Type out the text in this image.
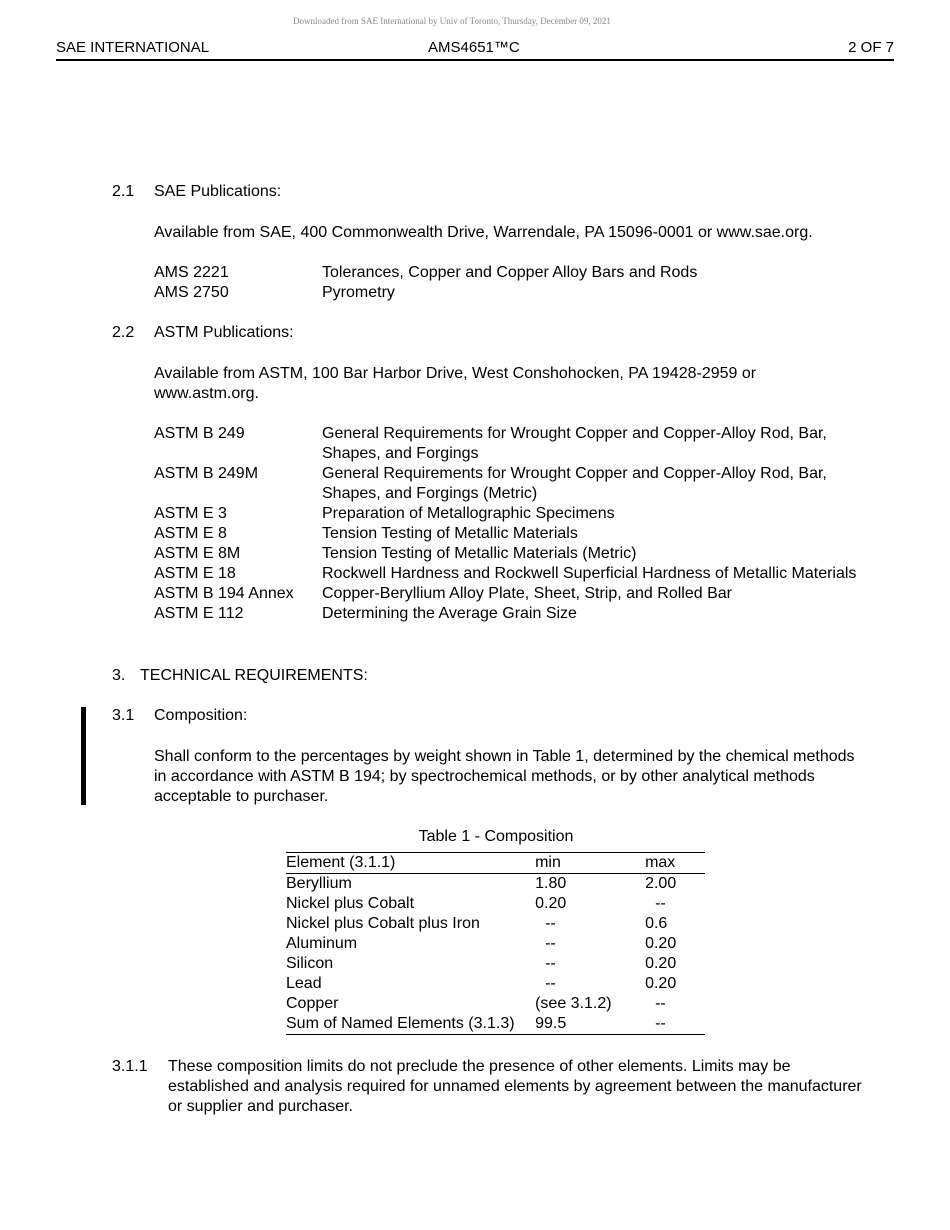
Downloaded from SAE International by Univ of Toronto, Thursday, December 09, 2021
SAE INTERNATIONAL	AMS4651™C	2 OF 7
2.1 SAE Publications:
Available from SAE, 400 Commonwealth Drive, Warrendale, PA 15096-0001 or www.sae.org.
AMS 2221	Tolerances, Copper and Copper Alloy Bars and Rods
AMS 2750	Pyrometry
2.2 ASTM Publications:
Available from ASTM, 100 Bar Harbor Drive, West Conshohocken, PA 19428-2959 or www.astm.org.
ASTM B 249	General Requirements for Wrought Copper and Copper-Alloy Rod, Bar, Shapes, and Forgings
ASTM B 249M	General Requirements for Wrought Copper and Copper-Alloy Rod, Bar, Shapes, and Forgings (Metric)
ASTM E 3	Preparation of Metallographic Specimens
ASTM E 8	Tension Testing of Metallic Materials
ASTM E 8M	Tension Testing of Metallic Materials (Metric)
ASTM E 18	Rockwell Hardness and Rockwell Superficial Hardness of Metallic Materials
ASTM B 194 Annex	Copper-Beryllium Alloy Plate, Sheet, Strip, and Rolled Bar
ASTM E 112	Determining the Average Grain Size
3. TECHNICAL REQUIREMENTS:
3.1 Composition:
Shall conform to the percentages by weight shown in Table 1, determined by the chemical methods in accordance with ASTM B 194; by spectrochemical methods, or by other analytical methods acceptable to purchaser.
Table 1 - Composition
Element (3.1.1)	min	max
Beryllium	1.80	2.00
Nickel plus Cobalt	0.20	--
Nickel plus Cobalt plus Iron	--	0.6
Aluminum	--	0.20
Silicon	--	0.20
Lead	--	0.20
Copper	(see 3.1.2)	--
Sum of Named Elements (3.1.3)	99.5	--
3.1.1 These composition limits do not preclude the presence of other elements. Limits may be established and analysis required for unnamed elements by agreement between the manufacturer or supplier and purchaser.
